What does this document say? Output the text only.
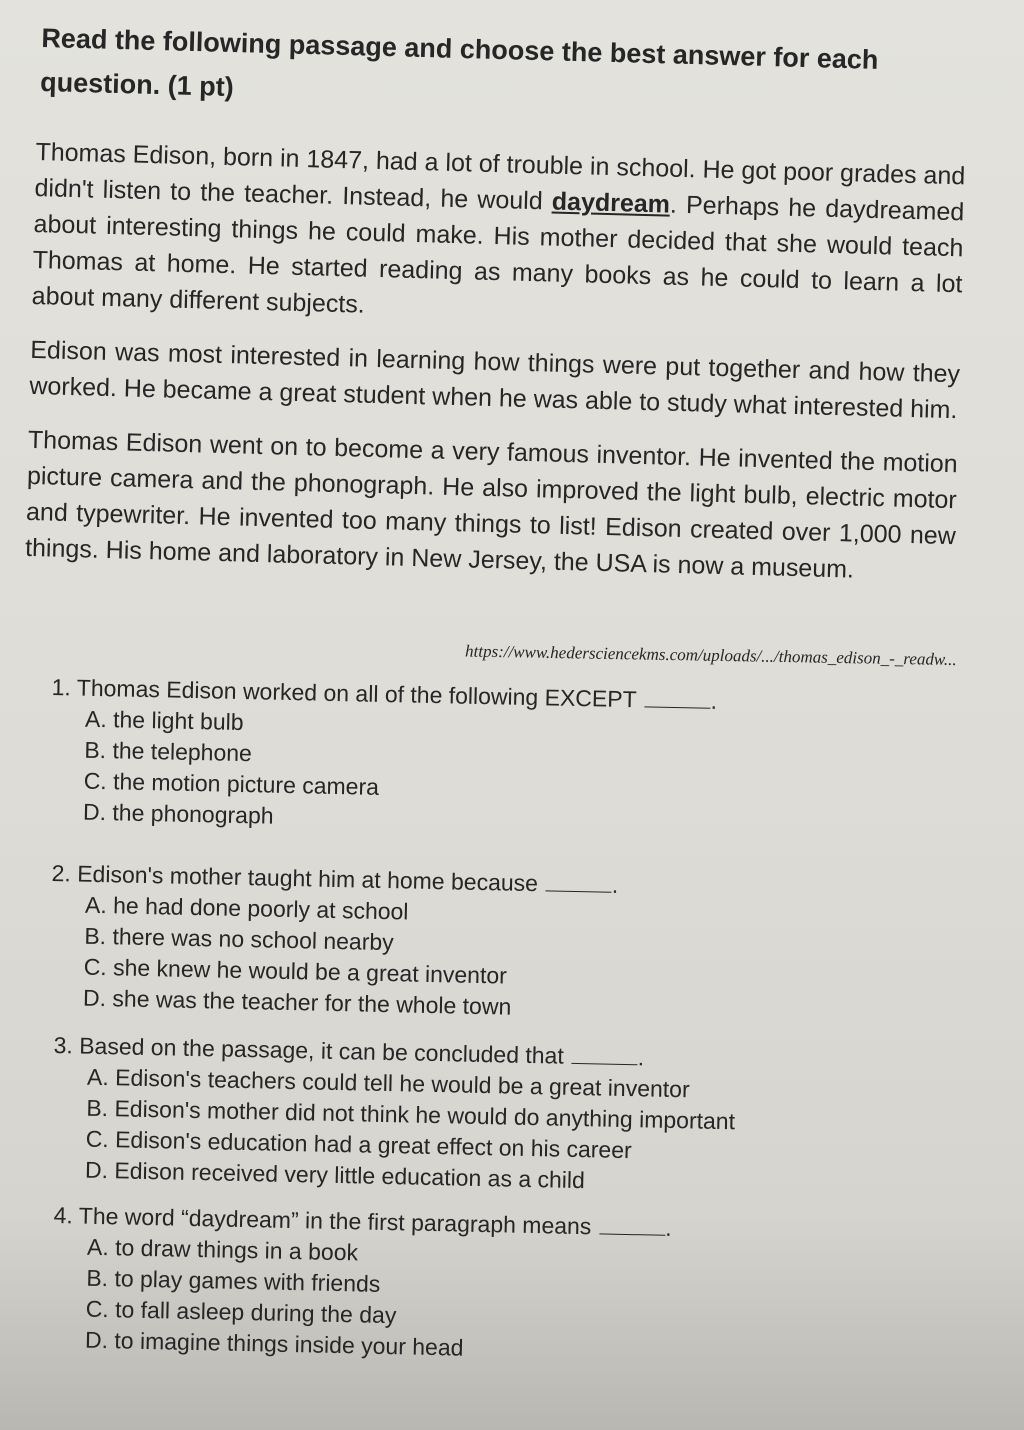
Read the following passage and choose the best answer for each question. (1 pt)

Thomas Edison, born in 1847, had a lot of trouble in school. He got poor grades and didn't listen to the teacher. Instead, he would daydream. Perhaps he daydreamed about interesting things he could make. His mother decided that she would teach Thomas at home. He started reading as many books as he could to learn a lot about many different subjects.

Edison was most interested in learning how things were put together and how they worked. He became a great student when he was able to study what interested him.

Thomas Edison went on to become a very famous inventor. He invented the motion picture camera and the phonograph. He also improved the light bulb, electric motor and typewriter. He invented too many things to list! Edison created over 1,000 new things. His home and laboratory in New Jersey, the USA is now a museum.

https://www.hedersciencekms.com/uploads/.../thomas_edison_-_readw...

1. Thomas Edison worked on all of the following EXCEPT	.

A. the light bulb

B. the telephone

C. the motion picture camera

D. the phonograph

2. Edison's mother taught him at home because	.

A. he had done poorly at school

B. there was no school nearby

C. she knew he would be a great inventor

D. she was the teacher for the whole town

3. Based on the passage, it can be concluded that	.

A. Edison's teachers could tell he would be a great inventor

B. Edison's mother did not think he would do anything important

C. Edison's education had a great effect on his career

D. Edison received very little education as a child

4. The word “daydream” in the first paragraph means	.

A. to draw things in a book

B. to play games with friends

C. to fall asleep during the day

D. to imagine things inside your head
